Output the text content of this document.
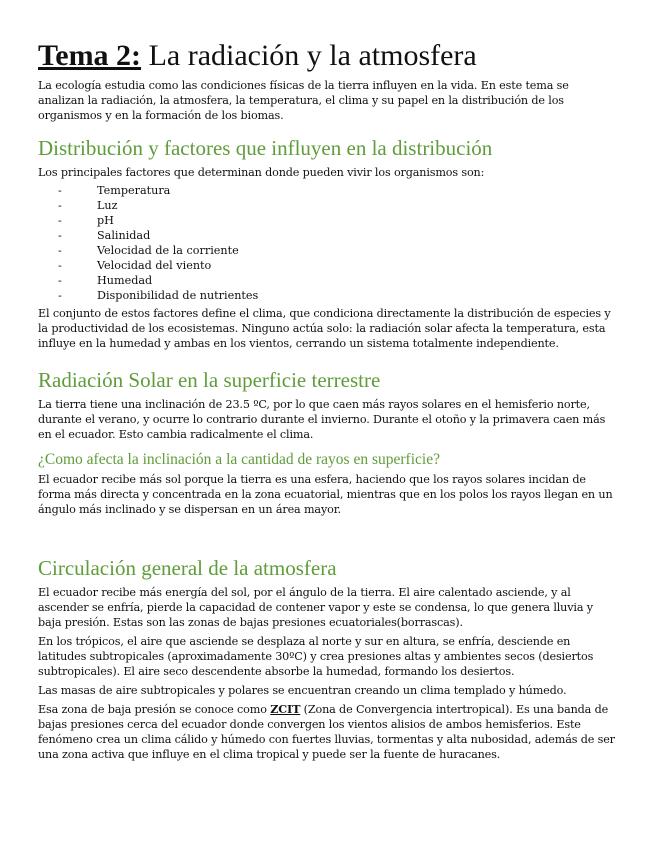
Tema 2: La radiación y la atmosfera

La ecología estudia como las condiciones físicas de la tierra influyen en la vida. En este tema se analizan la radiación, la atmosfera, la temperatura, el clima y su papel en la distribución de los organismos y en la formación de los biomas.

Distribución y factores que influyen en la distribución

Los principales factores que determinan donde pueden vivir los organismos son:

-	Temperatura
-	Luz
-	pH
-	Salinidad
-	Velocidad de la corriente
-	Velocidad del viento
-	Humedad
-	Disponibilidad de nutrientes

El conjunto de estos factores define el clima, que condiciona directamente la distribución de especies y la productividad de los ecosistemas. Ninguno actúa solo: la radiación solar afecta la temperatura, esta influye en la humedad y ambas en los vientos, cerrando un sistema totalmente independiente.

Radiación Solar en la superficie terrestre

La tierra tiene una inclinación de 23.5 ºC, por lo que caen más rayos solares en el hemisferio norte, durante el verano, y ocurre lo contrario durante el invierno. Durante el otoño y la primavera caen más en el ecuador. Esto cambia radicalmente el clima.

¿Como afecta la inclinación a la cantidad de rayos en superficie?

El ecuador recibe más sol porque la tierra es una esfera, haciendo que los rayos solares incidan de forma más directa y concentrada en la zona ecuatorial, mientras que en los polos los rayos llegan en un ángulo más inclinado y se dispersan en un área mayor.

Circulación general de la atmosfera

El ecuador recibe más energía del sol, por el ángulo de la tierra. El aire calentado asciende, y al ascender se enfría, pierde la capacidad de contener vapor y este se condensa, lo que genera lluvia y baja presión. Estas son las zonas de bajas presiones ecuatoriales(borrascas).

En los trópicos, el aire que asciende se desplaza al norte y sur en altura, se enfría, desciende en latitudes subtropicales (aproximadamente 30ºC) y crea presiones altas y ambientes secos (desiertos subtropicales). El aire seco descendente absorbe la humedad, formando los desiertos.

Las masas de aire subtropicales y polares se encuentran creando un clima templado y húmedo.

Esa zona de baja presión se conoce como ZCIT (Zona de Convergencia intertropical). Es una banda de bajas presiones cerca del ecuador donde convergen los vientos alisios de ambos hemisferios. Este fenómeno crea un clima cálido y húmedo con fuertes lluvias, tormentas y alta nubosidad, además de ser una zona activa que influye en el clima tropical y puede ser la fuente de huracanes.
